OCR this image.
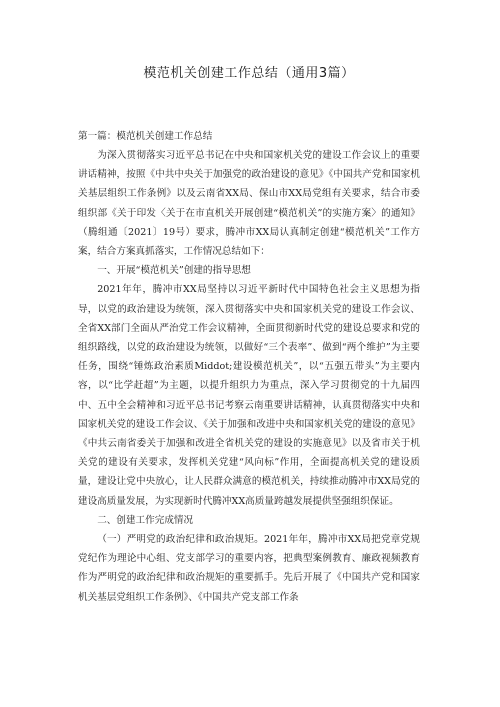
模范机关创建工作总结（通用3篇）
第一篇：模范机关创建工作总结

为深入贯彻落实习近平总书记在中央和国家机关党的建设工作会议上的重要讲话精神，按照《中共中央关于加强党的政治建设的意见》《中国共产党和国家机关基层组织工作条例》以及云南省XX局、保山市XX局党组有关要求，结合市委组织部《关于印发〈关于在市直机关开展创建“模范机关”的实施方案〉的通知》（腾组通〔2021〕19号）要求，腾冲市XX局认真制定创建“模范机关”工作方案，结合方案真抓落实，工作情况总结如下：

一、开展“模范机关”创建的指导思想

2021年年，腾冲市XX局坚持以习近平新时代中国特色社会主义思想为指导，以党的政治建设为统领，深入贯彻落实中央和国家机关党的建设工作会议、全省XX部门全面从严治党工作会议精神，全面贯彻新时代党的建设总要求和党的组织路线，以党的政治建设为统领，以做好“三个表率”、做到“两个维护”为主要任务，围绕“锤炼政治素质Middot;建设模范机关”，以“五强五带头”为主要内容，以“比学赶超”为主题，以提升组织力为重点，深入学习贯彻党的十九届四中、五中全会精神和习近平总书记考察云南重要讲话精神，认真贯彻落实中央和国家机关党的建设工作会议、《关于加强和改进中央和国家机关党的建设的意见》《中共云南省委关于加强和改进全省机关党的建设的实施意见》以及省市关于机关党的建设有关要求，发挥机关党建“风向标”作用，全面提高机关党的建设质量，建设让党中央放心，让人民群众满意的模范机关，持续推动腾冲市XX局党的建设高质量发展，为实现新时代腾冲XX高质量跨越发展提供坚强组织保证。

二、创建工作完成情况

（一）严明党的政治纪律和政治规矩。2021年年，腾冲市XX局把党章党规党纪作为理论中心组、党支部学习的重要内容，把典型案例教育、廉政视频教育作为严明党的政治纪律和政治规矩的重要抓手。先后开展了《中国共产党和国家机关基层党组织工作条例》、《中国共产党支部工作条
